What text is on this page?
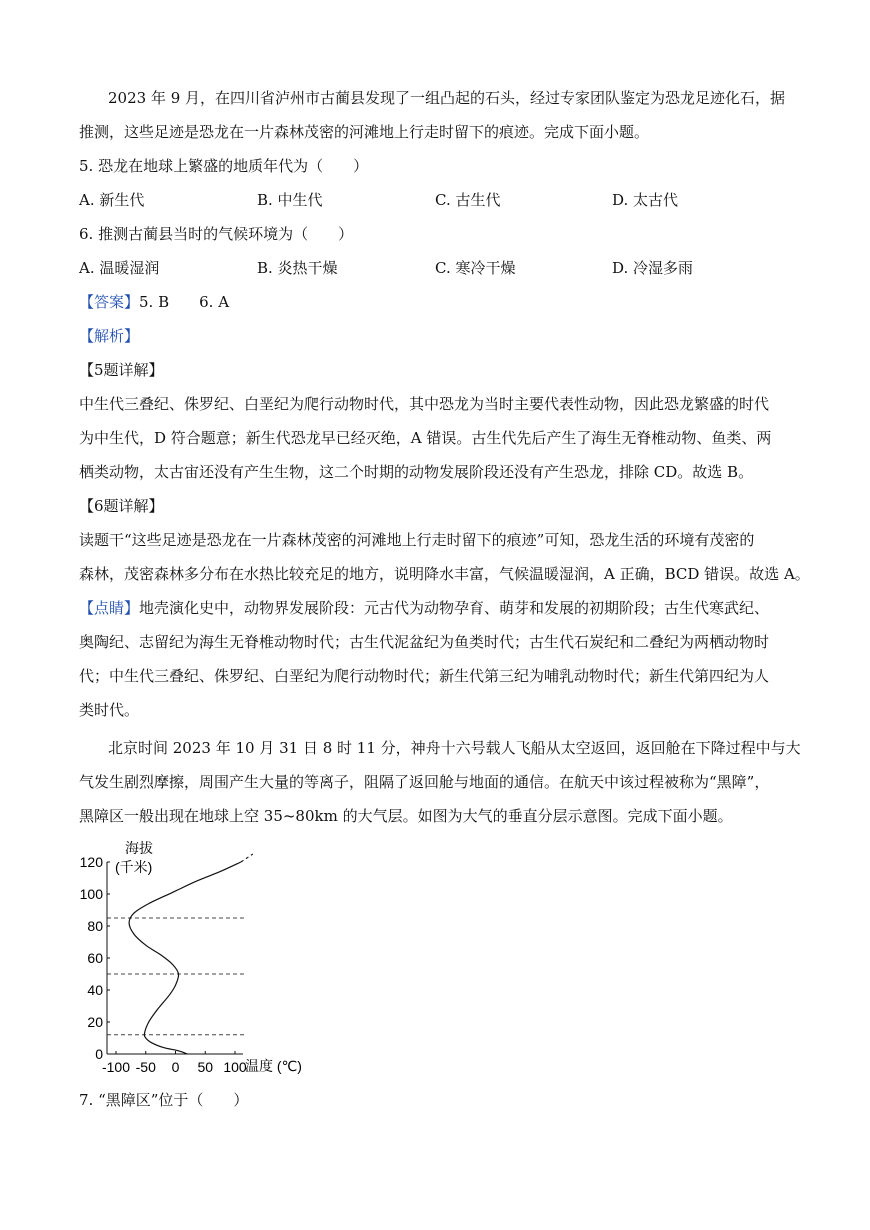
2023 年 9 月，在四川省泸州市古蔺县发现了一组凸起的石头，经过专家团队鉴定为恐龙足迹化石，据
推测，这些足迹是恐龙在一片森林茂密的河滩地上行走时留下的痕迹。完成下面小题。
5. 恐龙在地球上繁盛的地质年代为（　　）
A. 新生代	B. 中生代	C. 古生代	D. 太古代
6. 推测古蔺县当时的气候环境为（　　）
A. 温暖湿润	B. 炎热干燥	C. 寒冷干燥	D. 冷湿多雨
【答案】5. B　　6. A
【解析】
【5题详解】
中生代三叠纪、侏罗纪、白垩纪为爬行动物时代，其中恐龙为当时主要代表性动物，因此恐龙繁盛的时代
为中生代，D 符合题意；新生代恐龙早已经灭绝，A 错误。古生代先后产生了海生无脊椎动物、鱼类、两
栖类动物，太古宙还没有产生生物，这二个时期的动物发展阶段还没有产生恐龙，排除 CD。故选 B。
【6题详解】
读题干“这些足迹是恐龙在一片森林茂密的河滩地上行走时留下的痕迹”可知，恐龙生活的环境有茂密的
森林，茂密森林多分布在水热比较充足的地方，说明降水丰富，气候温暖湿润，A 正确，BCD 错误。故选 A。
【点睛】地壳演化史中，动物界发展阶段：元古代为动物孕育、萌芽和发展的初期阶段；古生代寒武纪、
奥陶纪、志留纪为海生无脊椎动物时代；古生代泥盆纪为鱼类时代；古生代石炭纪和二叠纪为两栖动物时
代；中生代三叠纪、侏罗纪、白垩纪为爬行动物时代；新生代第三纪为哺乳动物时代；新生代第四纪为人
类时代。
北京时间 2023 年 10 月 31 日 8 时 11 分，神舟十六号载人飞船从太空返回，返回舱在下降过程中与大
气发生剧烈摩擦，周围产生大量的等离子，阻隔了返回舱与地面的通信。在航天中该过程被称为“黑障”，
黑障区一般出现在地球上空 35~80km 的大气层。如图为大气的垂直分层示意图。完成下面小题。
海拔
(千米)
0
20
40
60
80
100
120
-100 -50 0 50 100
温度 (℃)
7. “黑障区”位于（　　）
